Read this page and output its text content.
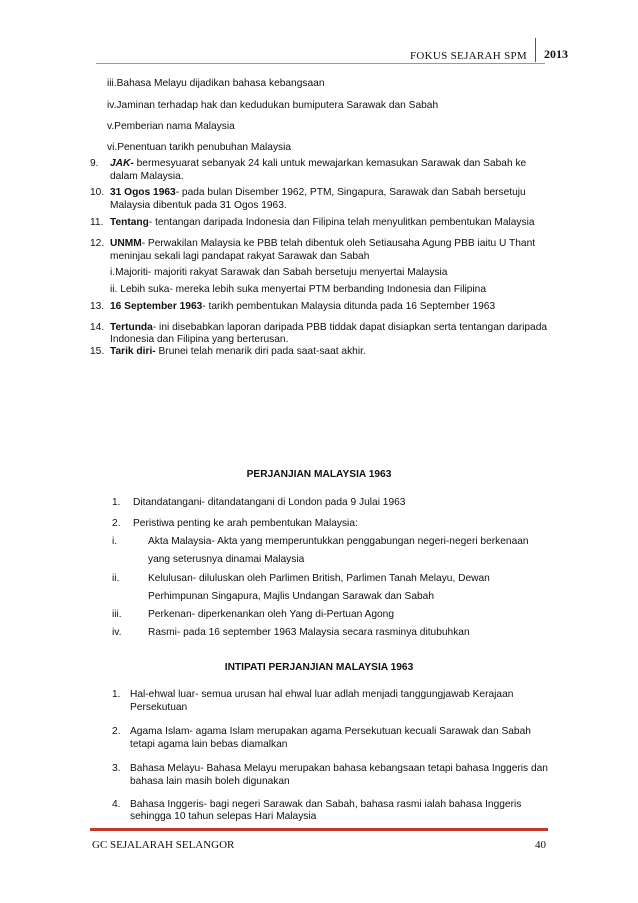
FOKUS SEJARAH SPM	2013
iii.Bahasa Melayu dijadikan bahasa kebangsaan
iv.Jaminan terhadap hak dan kedudukan bumiputera Sarawak dan Sabah
v.Pemberian nama Malaysia
vi.Penentuan tarikh penubuhan Malaysia
9. JAK- bermesyuarat sebanyak 24 kali untuk mewajarkan kemasukan Sarawak dan Sabah ke
dalam Malaysia.
10. 31 Ogos 1963- pada bulan Disember 1962, PTM, Singapura, Sarawak dan Sabah bersetuju
Malaysia dibentuk pada 31 Ogos 1963.
11. Tentang- tentangan daripada Indonesia dan Filipina telah menyulitkan pembentukan Malaysia
12. UNMM- Perwakilan Malaysia ke PBB telah dibentuk oleh Setiausaha Agung PBB iaitu U Thant
meninjau sekali lagi pandapat rakyat Sarawak dan Sabah
i.Majoriti- majoriti rakyat Sarawak dan Sabah bersetuju menyertai Malaysia
ii. Lebih suka- mereka lebih suka menyertai PTM berbanding Indonesia dan Filipina
13. 16 September 1963- tarikh pembentukan Malaysia ditunda pada 16 September 1963
14. Tertunda- ini disebabkan laporan daripada PBB tiddak dapat disiapkan serta tentangan daripada
Indonesia dan Filipina yang berterusan.
15. Tarik diri- Brunei telah menarik diri pada saat-saat akhir.
PERJANJIAN MALAYSIA 1963
1. Ditandatangani- ditandatangani di London pada 9 Julai 1963
2. Peristiwa penting ke arah pembentukan Malaysia:
i.	Akta Malaysia- Akta yang memperuntukkan penggabungan negeri-negeri berkenaan
yang seterusnya dinamai Malaysia
ii.	Kelulusan- diluluskan oleh Parlimen British, Parlimen Tanah Melayu, Dewan
Perhimpunan Singapura, Majlis Undangan Sarawak dan Sabah
iii.	Perkenan- diperkenankan oleh Yang di-Pertuan Agong
iv.	Rasmi- pada 16 september 1963 Malaysia secara rasminya ditubuhkan
INTIPATI PERJANJIAN MALAYSIA 1963
1. Hal-ehwal luar- semua urusan hal ehwal luar adlah menjadi tanggungjawab Kerajaan
Persekutuan
2. Agama Islam- agama Islam merupakan agama Persekutuan kecuali Sarawak dan Sabah
tetapi agama lain bebas diamalkan
3. Bahasa Melayu- Bahasa Melayu merupakan bahasa kebangsaan tetapi bahasa Inggeris dan
bahasa lain masih boleh digunakan
4. Bahasa Inggeris- bagi negeri Sarawak dan Sabah, bahasa rasmi ialah bahasa Inggeris
sehingga 10 tahun selepas Hari Malaysia
GC SEJALARAH SELANGOR	40
